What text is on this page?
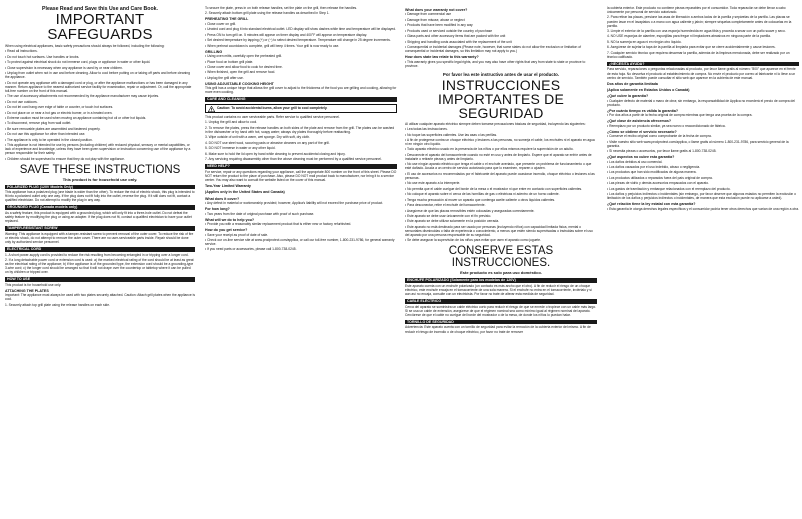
Please Read and Save this Use and Care Book.
IMPORTANT SAFEGUARDS

When using electrical appliances, basic safety precautions should always be followed, including the following:

• Read all instructions.

• Do not touch hot surfaces. Use handles or knobs.

• To protect against electrical shock do not immerse cord, plugs or appliance in water or other liquid.

• Close supervision is necessary when any appliance is used by or near children.

• Unplug from outlet when not in use and before cleaning. Allow to cool before putting on or taking off parts and before cleaning the appliance.

• Do not operate any appliance with a damaged cord or plug, or after the appliance malfunctions or has been damaged in any manner. Return appliance to the nearest authorized service facility for examination, repair or adjustment. Or, call the appropriate toll-free number on the front of this manual.

• The use of accessory attachments not recommended by the appliance manufacturer may cause injuries.

• Do not use outdoors.

• Do not let cord hang over edge of table or counter, or touch hot surfaces.

• Do not place on or near a hot gas or electric burner, or in a heated oven.

• Extreme caution must be used when moving an appliance containing hot oil or other hot liquids.

• To disconnect, remove plug from wall outlet.

• Be sure removable plates are assembled and fastened properly.

• Do not use this appliance for other than intended use.

• The appliance is only to be operated in the closed position.

• This appliance is not intended for use by persons (including children) with reduced physical, sensory or mental capabilities, or lack of experience and knowledge, unless they have been given supervision or instruction concerning use of the appliance by a person responsible for their safety.

• Children should be supervised to ensure that they do not play with the appliance.

SAVE THESE INSTRUCTIONS
This product is for household use only.
POLARIZED PLUG (120V Models Only)

This appliance has a polarized plug (one blade is wider than the other). To reduce the risk of electric shock, this plug is intended to fit into a polarized outlet only one way. If the plug does not fit fully into the outlet, reverse the plug. If it still does not fit, contact a qualified electrician. Do not attempt to modify the plug in any way.

GROUNDED PLUG (Canada models only)

As a safety feature, this product is equipped with a grounded plug, which will only fit into a three-hole outlet. Do not defeat the safety feature by modifying the plug or using an adapter. If the plug does not fit, contact a qualified electrician to have your outlet replaced.

TAMPER-RESISTANT SCREW

Warning: This appliance is equipped with a tamper-resistant screw to prevent removal of the outer cover. To reduce the risk of fire or electric shock, do not attempt to remove the outer cover. There are no user-serviceable parts inside. Repair should be done only by authorized service personnel.

ELECTRICAL CORD

1. A short power-supply cord is provided to reduce the risk resulting from becoming entangled in or tripping over a longer cord.

2. If a long detachable power cord or extension cord is used: a) the marked electrical rating of the cord should be at least as great as the electrical rating of the appliance; b) if the appliance is of the grounded type, the extension cord should be a grounding-type 3-wire cord; c) the longer cord should be arranged so that it will not drape over the countertop or tabletop where it can be pulled on by children or tripped over.

HOW TO USE

This product is for household use only.

ATTACHING THE PLATES

Important: The appliance must always be used with two plates securely attached. Caution: Attach grill plates when the appliance is cool.

1. Securely attach top grill plate using the release handles on each side.

To secure the plate, press in on both release handles, set the plate on the grill, then release the handles.

2. Securely attach bottom grill plate using the release handles as described in Step 1.

PREHEATING THE GRILL

• Close cover on grill.

• Unwind cord and plug it into standard electrical outlet. LED display will show dashes while time and temperature will be displayed.

• Press ON to turn grill on. 5 minutes will appear on timer display and 400°F will appear on temperature display.

• Set desired temperature by tapping (+) or (−) to select desired temperature. Temperature will change in 25 degree increments.

• When preheat countdown is complete, grill will beep 4 times. Your grill is now ready to use.

GRILLING

• Using oven mitts, carefully open the preheated grill.

• Place food on bottom grill plate.

• Close cover and allow food to cook for desired time.

• When finished, open the grill and remove food.

• Unplug the grill after use.

USING ADJUSTABLE COOKING HEIGHT

This grill has a unique hinge that allows the grill cover to adjust to the thickness of the food you are grilling and cooking, allowing for more even cooking.

CARE AND CLEANING
Caution: To avoid accidental burns, allow your grill to cool completely.

This product contains no user serviceable parts. Refer service to qualified service personnel.

1. Unplug the grill and allow to cool.

2. To remove the plates, press the release handles on both sides of the plate and remove from the grill. The plates can be washed in the dishwasher or by hand with hot, soapy water; always dry plates thoroughly before reattaching.

3. Wipe outside of unit with a warm, wet sponge. Dry with soft, dry cloth.

4. DO NOT use steel wool, scouring pads or abrasive cleaners on any part of the grill.

5. DO NOT immerse in water or any other liquid.

6. Make sure to hold the lid open by hand while cleaning to prevent accidental closing and injury.

7. Any servicing requiring disassembly other than the above cleaning must be performed by a qualified service personnel.

NEED HELP?

For service, repair or any questions regarding your appliance, call the appropriate 800 number on the front of this sheet. Please DO NOT return the product to the place of purchase. Also, please DO NOT mail product back to manufacturer, nor bring it to a service center. You may also want to consult the website listed on the cover of this manual.

Two-Year Limited Warranty
(Applies only in the United States and Canada)
What does it cover?

• Any defect in material or workmanship provided; however, Applica's liability will not exceed the purchase price of product.

For how long?

• Two years from the date of original purchase with proof of such purchase.

What will we do to help you?

• Provide you with a reasonably similar replacement product that is either new or factory refurbished.

How do you get service?

• Save your receipt as proof of date of sale.

• Check our on-line service site at www.prodprotect.com/applica, or call our toll-free number, 1-800-231-9786, for general warranty service.

• If you need parts or accessories, please call 1-800-738-0245.

What does your warranty not cover?

• Damage from commercial use

• Damage from misuse, abuse or neglect

• Products that have been modified in any way

• Products used or serviced outside the country of purchase

• Glass parts and other accessory items that are packed with the unit

• Shipping and handling costs associated with the replacement of the unit

• Consequential or incidental damages (Please note, however, that some states do not allow the exclusion or limitation of consequential or incidental damages, so this limitation may not apply to you.)

How does state law relate to this warranty?

• This warranty gives you specific legal rights, and you may also have other rights that vary from state to state or province to province.

Por favor lea este instructivo antes de usar el producto.
INSTRUCCIONES IMPORTANTES DE SEGURIDAD

Al utilizar cualquier aparato eléctrico siempre deben tomarse precauciones básicas de seguridad, incluyendo las siguientes:

• Lea todas las instrucciones.

• No toque las superficies calientes. Use las asas o las perillas.

• A fin de protegerse contra un choque eléctrico y lesiones a las personas, no sumerja el cable, los enchufes ni el aparato en agua ni en ningún otro líquido.

• Todo aparato eléctrico usado en la presencia de los niños o por ellos mismos requiere la supervisión de un adulto.

• Desconecte el aparato del tomacorriente cuando no esté en uso y antes de limpiarlo. Espere que el aparato se enfríe antes de instalarle o retirarle piezas y antes de limpiarlo.

• No use ningún aparato eléctrico que tenga el cable o el enchufe averiado, que presente un problema de funcionamiento o que esté dañado. Acuda a un centro de servicio autorizado para que lo examinen, reparen o ajusten.

• El uso de accesorios no recomendados por el fabricante del aparato puede ocasionar incendio, choque eléctrico o lesiones a las personas.

• No use este aparato a la intemperie.

• No permita que el cable cuelgue del borde de la mesa o el mostrador ni que entre en contacto con superficies calientes.

• No coloque el aparato sobre ni cerca de las hornillas de gas o eléctricas ni adentro de un horno caliente.

• Tenga mucha precaución al mover un aparato que contenga aceite caliente u otros líquidos calientes.

• Para desconectar, retire el enchufe del tomacorriente.

• Asegúrese de que las placas removibles estén colocadas y aseguradas correctamente.

• Este aparato se debe usar únicamente con el fin previsto.

• Este aparato se debe utilizar solamente en la posición cerrada.

• Este aparato no está destinado para ser usado por personas (incluyendo niños) con capacidad limitada física, mental o sensoriales disminuidas o falta de experiencia o conocimiento, a menos que estén siendo supervisadas o instruidas sobre el uso del aparato por una persona responsable de su seguridad.

• Se debe asegurar la supervisión de los niños para evitar que usen el aparato como juguete.

CONSERVE ESTAS INSTRUCCIONES.
Este producto es solo para uso doméstico.
ENCHUFE POLARIZADO (Solamente para los modelos de 120V)

Este aparato cuenta con un enchufe polarizado (un contacto es más ancho que el otro). A fin de reducir el riesgo de un choque eléctrico, este enchufe encaja en el tomacorriente de una sola manera. Si el enchufe no entra en el tomacorriente, inviértalo y si aun así no encaja, consulte con un electricista. Por favor no trate de alterar esta medida de seguridad.

CABLE ELÉCTRICO

Cerca del aparato se suministra un cable eléctrico corto para reducir el riesgo de que se enrede o tropiece con un cable más largo. Si se usa un cable de extensión, asegúrese de que el régimen nominal sea como mínimo igual al régimen nominal del aparato. Cerciórese de que el cable no cuelgue del borde del mostrador o de la mesa, de donde los niños lo puedan halar.

TORNILLO DE SEGURIDAD

Advertencia: Este aparato cuenta con un tornillo de seguridad para evitar la remoción de la cubierta exterior del mismo. A fin de reducir el riesgo de incendio o de choque eléctrico, por favor no trate de remover

la cubierta exterior. Este producto no contiene piezas reparables por el consumidor. Toda reparación se debe llevar a cabo únicamente por personal de servicio autorizado.

2. Para retirar las placas, presione las asas de liberación a ambos lados de la parrilla y sepárelas de la parrilla. Las placas se pueden lavar en el lavaplatos o a mano con agua caliente y jabón; siempre séquelas completamente antes de colocarlas en la parrilla.

3. Limpie el exterior de la parrilla con una esponja humedecida en agua tibia y proceda a secar con un paño suave y seco.

4. NO USE esponjas de alambre, esponjillas para fregar ni limpiadores abrasivos en ninguna parte de la parrilla.

5. NO la sumerja en agua ni en ningún otro líquido.

6. Asegúrese de sujetar la tapa de la parrilla al limpiarla para evitar que se cierre accidentalmente y cause lesiones.

7. Cualquier servicio técnico que requiera desarmar la parrilla, además de la limpieza mencionada, debe ser realizado por un técnico calificado.

¿NECESITA AYUDA?

Para servicio, reparaciones o preguntas relacionadas al producto, por favor llame gratis al número "800" que aparece en el frente de esta hoja. No devuelva el producto al establecimiento de compra. No envíe el producto por correo al fabricante ni lo lleve a un centro de servicio. También puede consultar el sitio web que aparece en la cubierta de este manual.

Dos años de garantía limitada
(Aplica solamente en Estados Unidos o Canadá)
¿Qué cubre la garantía?

• Cualquier defecto de material o mano de obra; sin embargo, la responsabilidad de Applica no excederá el precio de compra del producto.

¿Por cuánto tiempo es válida la garantía?

• Por dos años a partir de la fecha original de compra mientras que tenga una prueba de la compra.

¿Qué clase de asistencia ofrecemos?

• Reemplazo por un producto similar, ya sea nuevo o reacondicionado de fábrica.

¿Cómo se obtiene el servicio necesario?

• Conserve el recibo original como comprobante de la fecha de compra.

• Visite nuestro sitio web www.prodprotect.com/applica, o llame gratis al número 1-800-231-9786, para servicio general de la garantía.

• Si necesita piezas o accesorios, por favor llame gratis al 1-800-738-0245.

¿Qué aspectos no cubre esta garantía?

• Los daños debidos al uso comercial.

• Los daños causados por el uso indebido, abuso o negligencia.

• Los productos que han sido modificados de alguna manera.

• Los productos utilizados o reparados fuera del país original de compra.

• Las piezas de vidrio y demás accesorios empacados con el aparato.

• Los gastos de tramitación y embarque relacionados con el reemplazo del producto.

• Los daños y perjuicios indirectos o incidentales (sin embargo, por favor observe que algunos estados no permiten la exclusión o limitación de los daños y perjuicios indirectos o incidentales, de manera que esta exclusión puede no aplicarse a usted).

¿Qué relación tiene la ley estatal con esta garantía?

• Esta garantía le otorga derechos legales específicos y el consumidor podría tener otros derechos que varían de una región a otra.
